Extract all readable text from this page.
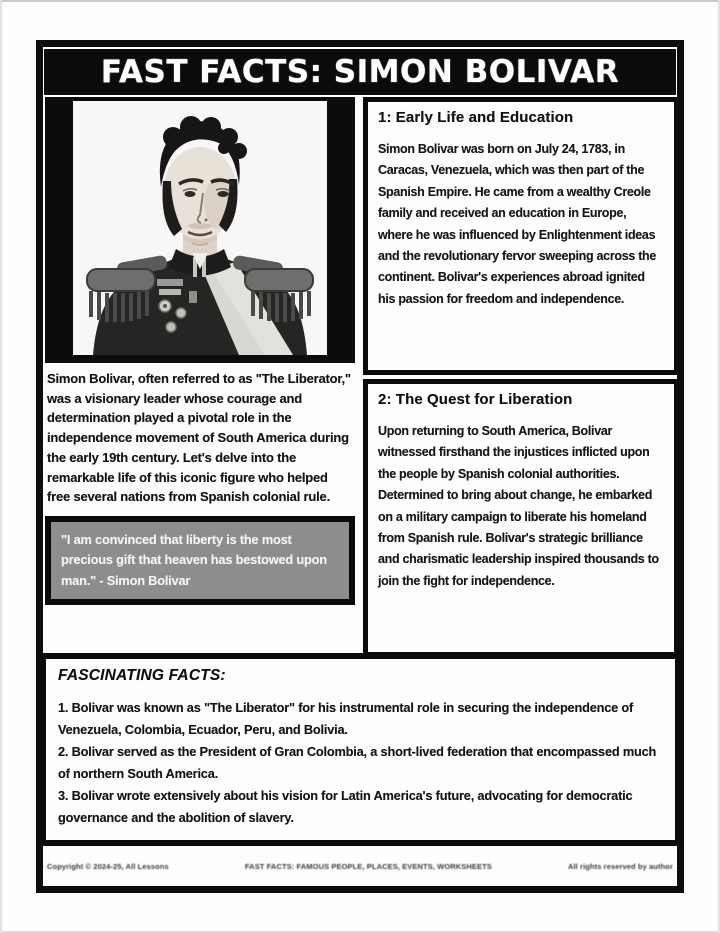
FAST FACTS: SIMON BOLIVAR

Simon Bolivar, often referred to as "The Liberator," was a visionary leader whose courage and determination played a pivotal role in the independence movement of South America during the early 19th century. Let's delve into the remarkable life of this iconic figure who helped free several nations from Spanish colonial rule.

"I am convinced that liberty is the most precious gift that heaven has bestowed upon man." - Simon Bolivar
1: Early Life and Education

Simon Bolivar was born on July 24, 1783, in Caracas, Venezuela, which was then part of the Spanish Empire. He came from a wealthy Creole family and received an education in Europe, where he was influenced by Enlightenment ideas and the revolutionary fervor sweeping across the continent. Bolivar's experiences abroad ignited his passion for freedom and independence.

2: The Quest for Liberation

Upon returning to South America, Bolivar witnessed firsthand the injustices inflicted upon the people by Spanish colonial authorities. Determined to bring about change, he embarked on a military campaign to liberate his homeland from Spanish rule. Bolivar's strategic brilliance and charismatic leadership inspired thousands to join the fight for independence.

FASCINATING FACTS:

1. Bolivar was known as "The Liberator" for his instrumental role in securing the independence of Venezuela, Colombia, Ecuador, Peru, and Bolivia.

2. Bolivar served as the President of Gran Colombia, a short-lived federation that encompassed much of northern South America.

3. Bolivar wrote extensively about his vision for Latin America's future, advocating for democratic governance and the abolition of slavery.

Copyright © 2024-25, All Lessons	FAST FACTS: FAMOUS PEOPLE, PLACES, EVENTS, WORKSHEETS	All rights reserved by author
